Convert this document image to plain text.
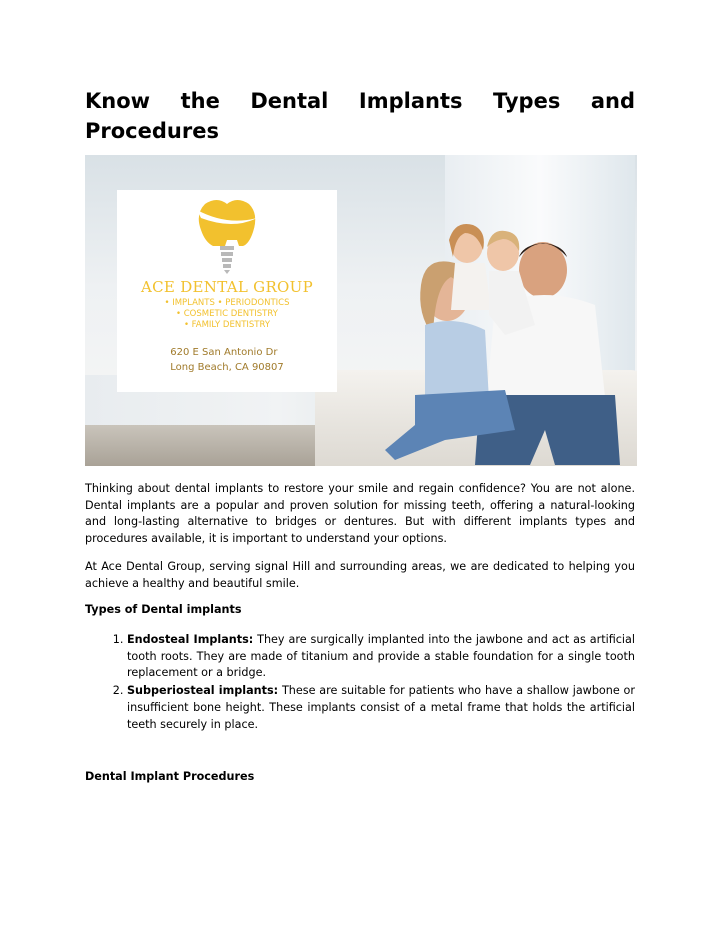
Know the Dental Implants Types and Procedures
ACE DENTAL GROUP
• IMPLANTS • PERIODONTICS
• COSMETIC DENTISTRY
• FAMILY DENTISTRY
620 E San Antonio Dr
Long Beach, CA 90807

Thinking about dental implants to restore your smile and regain confidence? You are not alone. Dental implants are a popular and proven solution for missing teeth, offering a natural-looking and long-lasting alternative to bridges or dentures. But with different implants types and procedures available, it is important to understand your options.

At Ace Dental Group, serving signal Hill and surrounding areas, we are dedicated to helping you achieve a healthy and beautiful smile.

Types of Dental implants

1. Endosteal Implants: They are surgically implanted into the jawbone and act as artificial tooth roots. They are made of titanium and provide a stable foundation for a single tooth replacement or a bridge.
2. Subperiosteal implants: These are suitable for patients who have a shallow jawbone or insufficient bone height. These implants consist of a metal frame that holds the artificial teeth securely in place.

Dental Implant Procedures
